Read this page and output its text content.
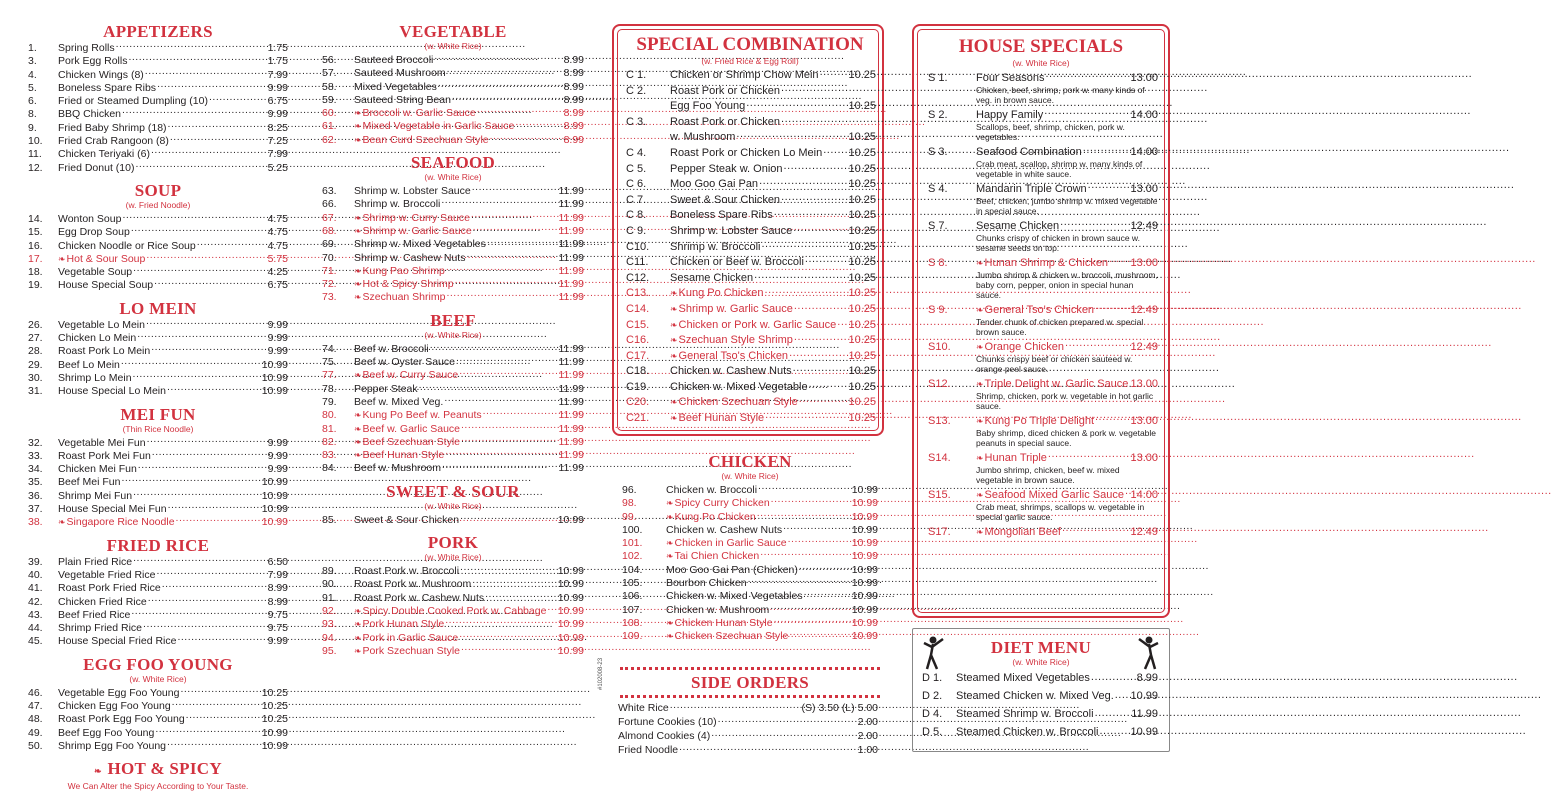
APPETIZERS
1.	Spring Rolls .....	1.75
3.	Pork Egg Rolls .....	1.75
4.	Chicken Wings (8) .....	7.99
5.	Boneless Spare Ribs .....	9.99
6.	Fried or Steamed Dumpling (10) .....	6.75
8.	BBQ Chicken .....	9.99
9.	Fried Baby Shrimp (18) .....	8.25
10.	Fried Crab Rangoon (8) .....	7.25
11.	Chicken Teriyaki (6) .....	7.99
12.	Fried Donut (10) .....	5.25
SOUP
(w. Fried Noodle)
14.	Wonton Soup .....	4.75
15.	Egg Drop Soup .....	4.75
16.	Chicken Noodle or Rice Soup .....	4.75
17.	❧Hot & Sour Soup .....	5.75
18.	Vegetable Soup .....	4.25
19.	House Special Soup .....	6.75
LO MEIN
26.	Vegetable Lo Mein .....	9.99
27.	Chicken Lo Mein .....	9.99
28.	Roast Pork Lo Mein .....	9.99
29.	Beef Lo Mein .....	10.99
30.	Shrimp Lo Mein .....	10.99
31.	House Special Lo Mein .....	10.99
MEI FUN
(Thin Rice Noodle)
32.	Vegetable Mei Fun .....	9.99
33.	Roast Pork Mei Fun .....	9.99
34.	Chicken Mei Fun .....	9.99
35.	Beef Mei Fun .....	10.99
36.	Shrimp Mei Fun .....	10.99
37.	House Special Mei Fun .....	10.99
38.	❧Singapore Rice Noodle .....	10.99
FRIED RICE
39.	Plain Fried Rice .....	6.50
40.	Vegetable Fried Rice .....	7.99
41.	Roast Pork Fried Rice .....	8.99
42.	Chicken Fried Rice .....	8.99
43.	Beef Fried Rice .....	9.75
44.	Shrimp Fried Rice .....	9.75
45.	House Special Fried Rice .....	9.99
EGG FOO YOUNG
(w. White Rice)
46.	Vegetable Egg Foo Young .....	10.25
47.	Chicken Egg Foo Young .....	10.25
48.	Roast Pork Egg Foo Young .....	10.25
49.	Beef Egg Foo Young .....	10.99
50.	Shrimp Egg Foo Young .....	10.99
❧ HOT & SPICY
We Can Alter the Spicy According to Your Taste.
VEGETABLE
(w. White Rice)
56.	Sauteed Broccoli .....	8.99
57.	Sauteed Mushroom .....	8.99
58.	Mixed Vegetables .....	8.99
59.	Sauteed String Bean .....	8.99
60.	❧Broccoli w. Garlic Sauce .....	8.99
61.	❧Mixed Vegetable in Garlic Sauce .....	8.99
62.	❧Bean Curd Szechuan Style .....	8.99
SEAFOOD
(w. White Rice)
63.	Shrimp w. Lobster Sauce .....	11.99
66.	Shrimp w. Broccoli .....	11.99
67.	❧Shrimp w. Curry Sauce .....	11.99
68.	❧Shrimp w. Garlic Sauce .....	11.99
69.	Shrimp w. Mixed Vegetables .....	11.99
70.	Shrimp w. Cashew Nuts .....	11.99
71.	❧Kung Pao Shrimp .....	11.99
72.	❧Hot & Spicy Shrimp .....	11.99
73.	❧Szechuan Shrimp .....	11.99
BEEF
(w. White Rice)
74.	Beef w. Broccoli .....	11.99
75.	Beef w. Oyster Sauce .....	11.99
77.	❧Beef w. Curry Sauce .....	11.99
78.	Pepper Steak .....	11.99
79.	Beef w. Mixed Veg. .....	11.99
80.	❧Kung Po Beef w. Peanuts .....	11.99
81.	❧Beef w. Garlic Sauce .....	11.99
82.	❧Beef Szechuan Style .....	11.99
83.	❧Beef Hunan Style .....	11.99
84.	Beef w. Mushroom .....	11.99
SWEET & SOUR
(w. White Rice)
85.	Sweet & Sour Chicken .....	10.99
PORK
(w. White Rice)
89.	Roast Pork w. Broccoli .....	10.99
90.	Roast Pork w. Mushroom .....	10.99
91.	Roast Pork w. Cashew Nuts .....	10.99
92.	❧Spicy Double Cooked Pork w. Cabbage ..... 10.99
93.	❧Pork Hunan Style .....	10.99
94.	❧Pork in Garlic Sauce .....	10.99
95.	❧Pork Szechuan Style .....	10.99
#102008-23
SPECIAL COMBINATION
(w. Fried Rice & Egg Roll)
C 1.	Chicken or Shrimp Chow Mein .....	10.25
C 2.	Roast Pork or Chicken
.....
Egg Foo Young .....	10.25
C 3.	Roast Pork or Chicken
.....
w. Mushroom .....	10.25
C 4.	Roast Pork or Chicken Lo Mein ..... 10.25
C 5.	Pepper Steak w. Onion .....	10.25
C 6.	Moo Goo Gai Pan .....	10.25
C 7.	Sweet & Sour Chicken .....	10.25
C 8.	Boneless Spare Ribs .....	10.25
C 9.	Shrimp w. Lobster Sauce .....	10.25
C10.	Shrimp w. Broccoli .....	10.25
C11.	Chicken or Beef w. Broccoli .....	10.25
C12.	Sesame Chicken .....	10.25
C13.	❧Kung Po Chicken .....	10.25
C14.	❧Shrimp w. Garlic Sauce .....	10.25
C15.	❧Chicken or Pork w. Garlic Sauce ..... 10.25
C16.	❧Szechuan Style Shrimp .....	10.25
C17.	❧General Tso's Chicken .....	10.25
C18.	Chicken w. Cashew Nuts .....	10.25
C19.	Chicken w. Mixed Vegetable .....	10.25
C20.	❧Chicken Szechuan Style .....	10.25
C21.	❧Beef Hunan Style .....	10.25
CHICKEN
(w. White Rice)
96.	Chicken w. Broccoli .....	10.99
98.	❧Spicy Curry Chicken .....	10.99
99.	❧Kung Po Chicken .....	10.99
100.	Chicken w. Cashew Nuts .....	10.99
101.	❧Chicken in Garlic Sauce .....	10.99
102.	❧Tai Chien Chicken .....	10.99
104.	Moo Goo Gai Pan (Chicken) .....	10.99
105.	Bourbon Chicken .....	10.99
106.	Chicken w. Mixed Vegetables .....	10.99
107.	Chicken w. Mushroom .....	10.99
108.	❧Chicken Hunan Style .....	10.99
109.	❧Chicken Szechuan Style .....	10.99
SIDE ORDERS
White Rice .....	(S) 3.50 (L) 5.00
Fortune Cookies (10) .....	2.00
Almond Cookies (4) .....	2.00
Fried Noodle .....	1.00
HOUSE SPECIALS
(w. White Rice)
S 1.	Four Seasons .....	13.00
Chicken, beef, shrimp, pork w. many kinds of veg. in brown sauce.
S 2.	Happy Family .....	14.00
Scallops, beef, shrimp, chicken, pork w. vegetables.
S 3.	Seafood Combination .....	14.00
Crab meat, scallop, shrimp w. many kinds of vegetable in white sauce.
S 4.	Mandarin Triple Crown .....	13.00
Beef, chicken, jumbo shrimp w. mixed vegetable in special sauce.
S 7.	Sesame Chicken .....	12.49
Chunks crispy of chicken in brown sauce w. sesame seeds on top.
S 8.	❧Hunan Shrimp & Chicken ..... 13.00
Jumbo shrimp & chicken w. broccoli, mushroom, baby corn, pepper, onion in special hunan sauce.
S 9.	❧General Tso's Chicken .....	12.49
Tender chunk of chicken prepared w. special brown sauce.
S10.	❧Orange Chicken .....	12.49
Chunks crispy beef or chicken sauteed w. orange peel sauce.
S12.	❧Triple Delight w. Garlic Sauce ..... 13.00
Shrimp, chicken, pork w. vegetable in hot garlic sauce.
S13.	❧Kung Po Triple Delight .....	13.00
Baby shrimp, diced chicken & pork w. vegetable peanuts in special sauce.
S14.	❧Hunan Triple .....	13.00
Jumbo shrimp, chicken, beef w. mixed vegetable in brown sauce.
S15.	❧Seafood Mixed Garlic Sauce ..... 14.00
Crab meat, shrimps, scallops w. vegetable in special garlic sauce.
S17.	❧Mongolian Beef .....	12.49
DIET MENU
(w. White Rice)
D 1.	Steamed Mixed Vegetables .....	8.99
D 2.	Steamed Chicken w. Mixed Veg. ..... 10.99
D 4.	Steamed Shrimp w. Broccoli .....	11.99
D 5.	Steamed Chicken w. Broccoli .....	10.99
